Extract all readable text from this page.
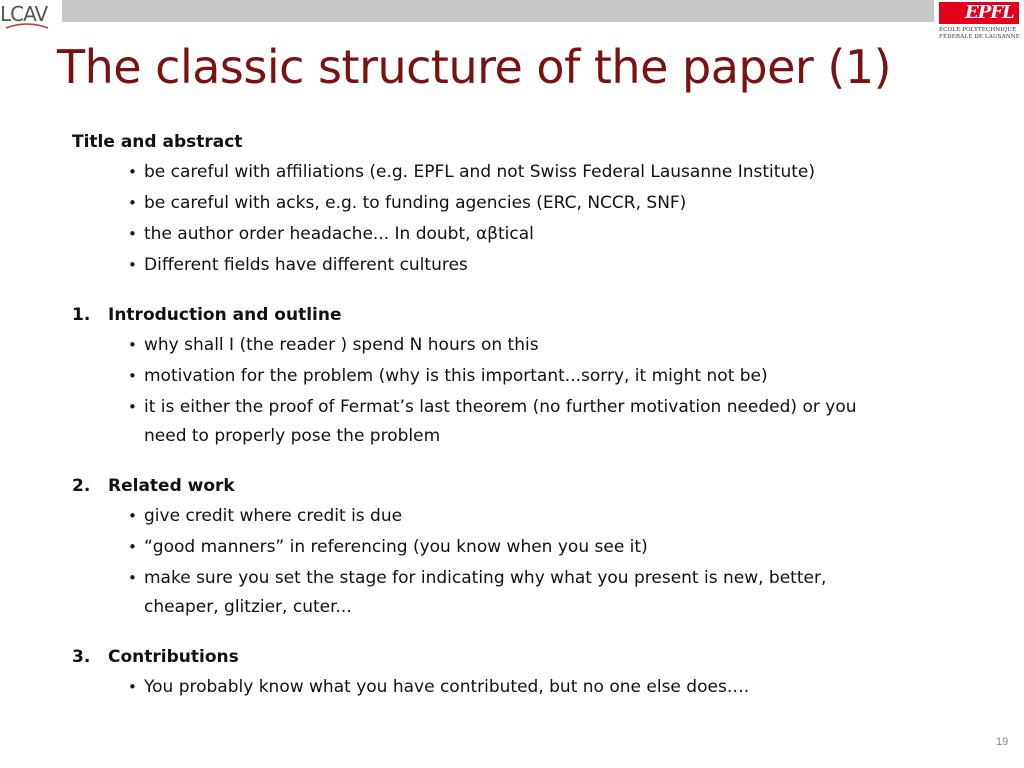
LCAV	EPFL
ÉCOLE POLYTECHNIQUE
FÉDÉRALE DE LAUSANNE
The classic structure of the paper (1)
Title and abstract
• be careful with affiliations (e.g. EPFL and not Swiss Federal Lausanne Institute)
• be careful with acks, e.g. to funding agencies (ERC, NCCR, SNF)
• the author order headache... In doubt, αβtical
• Different fields have different cultures
1.	Introduction and outline
• why shall I (the reader ) spend N hours on this
• motivation for the problem (why is this important...sorry, it might not be)
• it is either the proof of Fermat’s last theorem (no further motivation needed) or you need to properly pose the problem
2.	Related work
• give credit where credit is due
• “good manners” in referencing (you know when you see it)
• make sure you set the stage for indicating why what you present is new, better, cheaper, glitzier, cuter...
3.	Contributions
• You probably know what you have contributed, but no one else does….
19
